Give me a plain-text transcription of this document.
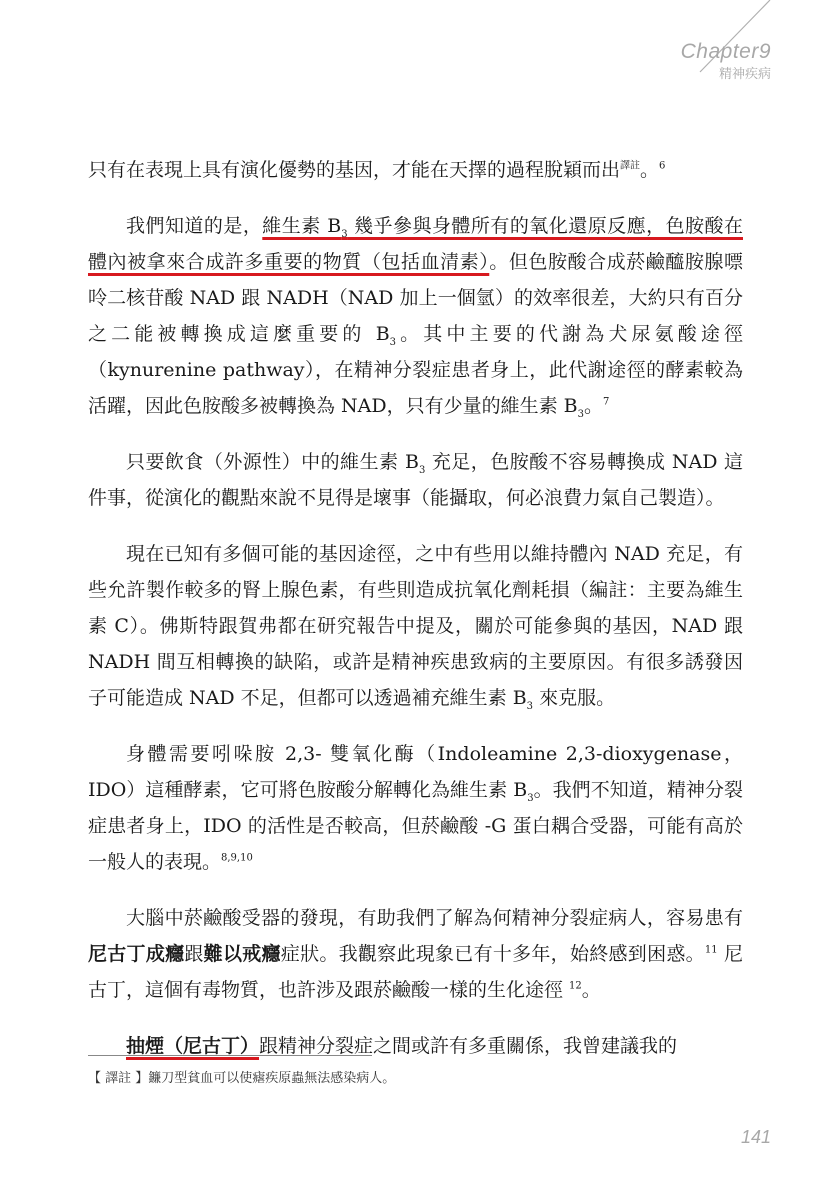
Chapter9
精神疾病

只有在表現上具有演化優勢的基因，才能在天擇的過程脫穎而出$^{譯註}$。$^6$

我們知道的是，維生素 $B_3$ 幾乎參與身體所有的氧化還原反應，色胺酸在體內被拿來合成許多重要的物質（包括血清素）。但色胺酸合成菸鹼醯胺腺嘌呤二核苷酸 NAD 跟 NADH（NAD 加上一個氫）的效率很差，大約只有百分之二能被轉換成這麼重要的 $B_3$。其中主要的代謝為犬尿氨酸途徑（kynurenine pathway），在精神分裂症患者身上，此代謝途徑的酵素較為活躍，因此色胺酸多被轉換為 NAD，只有少量的維生素 $B_3$。$^7$

只要飲食（外源性）中的維生素 $B_3$ 充足，色胺酸不容易轉換成 NAD 這件事，從演化的觀點來說不見得是壞事（能攝取，何必浪費力氣自己製造）。

現在已知有多個可能的基因途徑，之中有些用以維持體內 NAD 充足，有些允許製作較多的腎上腺色素，有些則造成抗氧化劑耗損（編註：主要為維生素 C）。佛斯特跟賀弗都在研究報告中提及，關於可能參與的基因，NAD 跟 NADH 間互相轉換的缺陷，或許是精神疾患致病的主要原因。有很多誘發因子可能造成 NAD 不足，但都可以透過補充維生素 $B_3$ 來克服。

身體需要吲哚胺 2,3- 雙氧化酶（Indoleamine 2,3-dioxygenase，IDO）這種酵素，它可將色胺酸分解轉化為維生素 $B_3$。我們不知道，精神分裂症患者身上，IDO 的活性是否較高，但菸鹼酸 -G 蛋白耦合受器，可能有高於一般人的表現。$^{8,9,10}$

大腦中菸鹼酸受器的發現，有助我們了解為何精神分裂症病人，容易患有尼古丁成癮跟難以戒癮症狀。我觀察此現象已有十多年，始終感到困惑。$^{11}$ 尼古丁，這個有毒物質，也許涉及跟菸鹼酸一樣的生化途徑 $^{12}$。

抽煙（尼古丁）跟精神分裂症之間或許有多重關係，我曾建議我的

【 譯註 】鐮刀型貧血可以使瘧疾原蟲無法感染病人。
141
